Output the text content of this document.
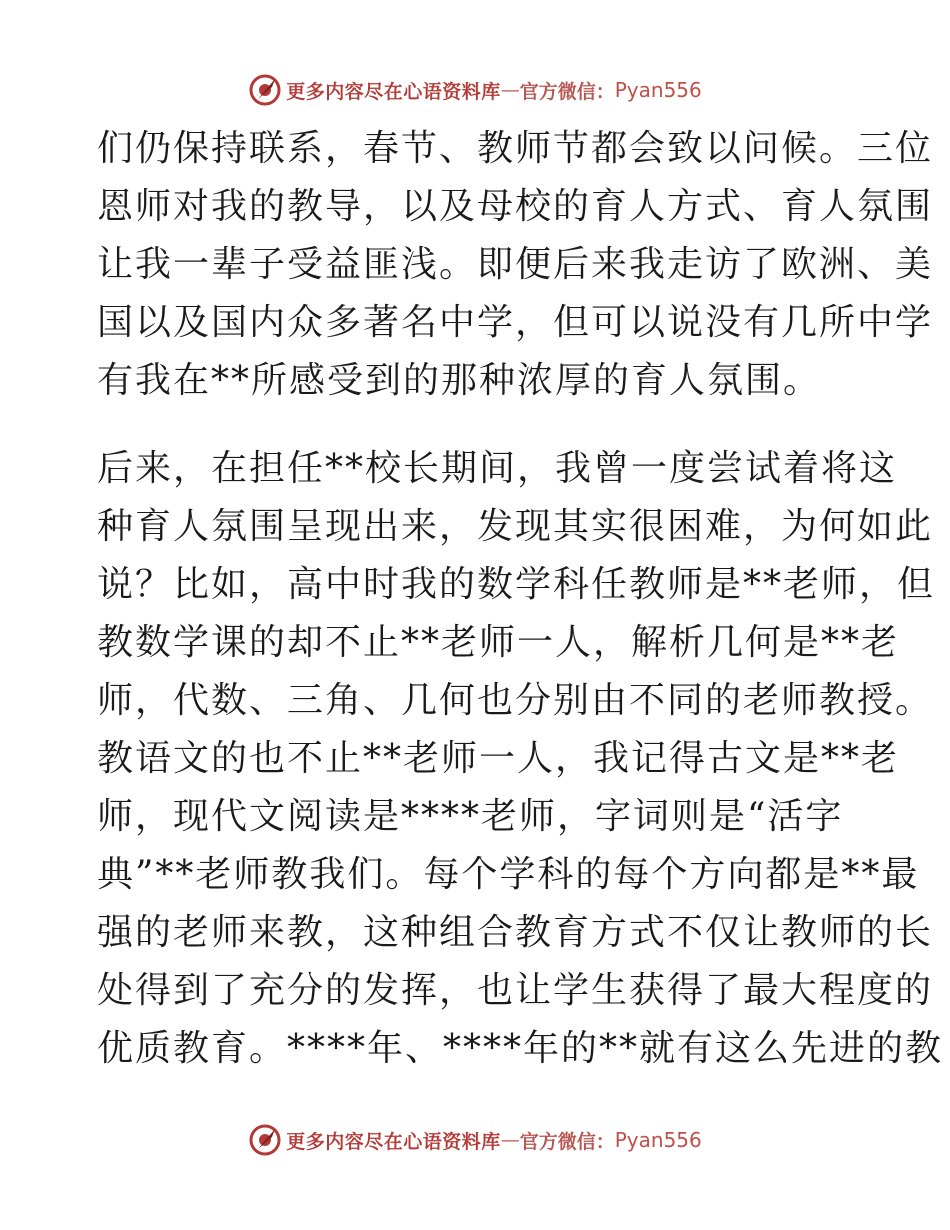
更多内容尽在心语资料库 — 官方微信： Pyan556
们仍保持联系，春节、教师节都会致以问候。三位
恩师对我的教导，以及母校的育人方式、育人氛围
让我一辈子受益匪浅。即便后来我走访了欧洲、美
国以及国内众多著名中学，但可以说没有几所中学
有我在**所感受到的那种浓厚的育人氛围。
后来，在担任**校长期间，我曾一度尝试着将这
种育人氛围呈现出来，发现其实很困难，为何如此
说？比如，高中时我的数学科任教师是**老师，但
教数学课的却不止**老师一人，解析几何是**老
师，代数、三角、几何也分别由不同的老师教授。
教语文的也不止**老师一人，我记得古文是**老
师，现代文阅读是****老师，字词则是“活字
典”**老师教我们。每个学科的每个方向都是**最
强的老师来教，这种组合教育方式不仅让教师的长
处得到了充分的发挥，也让学生获得了最大程度的
优质教育。****年、****年的**就有这么先进的教
更多内容尽在心语资料库 — 官方微信： Pyan556
